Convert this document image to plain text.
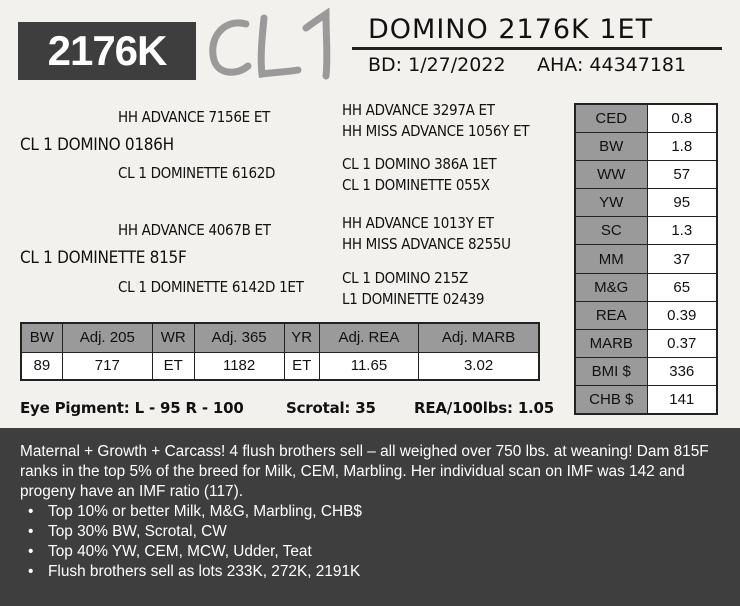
2176K	DOMINO 2176K 1ET
BD: 1/27/2022 AHA: 44347181
HH ADVANCE 7156E ET	HH ADVANCE 3297A ET
HH MISS ADVANCE 1056Y ET
CL 1 DOMINO 0186H
CL 1 DOMINO 386A 1ET
CL 1 DOMINETTE 6162D
CL 1 DOMINETTE 055X
HH ADVANCE 4067B ET	HH ADVANCE 1013Y ET
HH MISS ADVANCE 8255U
CL 1 DOMINETTE 815F
CL 1 DOMINO 215Z
CL 1 DOMINETTE 6142D 1ET
L1 DOMINETTE 02439
CED	0.8
BW	1.8
WW	57
YW	95
SC	1.3
MM	37
M&G	65
REA	0.39
MARB	0.37
BMI $	336
CHB $	141
BW	Adj. 205	WR	Adj. 365	YR	Adj. REA	Adj. MARB
89	717	ET	1182	ET	11.65	3.02
Eye Pigment: L - 95 R - 100	Scrotal: 35	REA/100lbs: 1.05

Maternal + Growth + Carcass! 4 flush brothers sell – all weighed over 750 lbs. at weaning! Dam 815F ranks in the top 5% of the breed for Milk, CEM, Marbling. Her individual scan on IMF was 142 and progeny have an IMF ratio (117).

• Top 10% or better Milk, M&G, Marbling, CHB$
• Top 30% BW, Scrotal, CW
• Top 40% YW, CEM, MCW, Udder, Teat
• Flush brothers sell as lots 233K, 272K, 2191K
